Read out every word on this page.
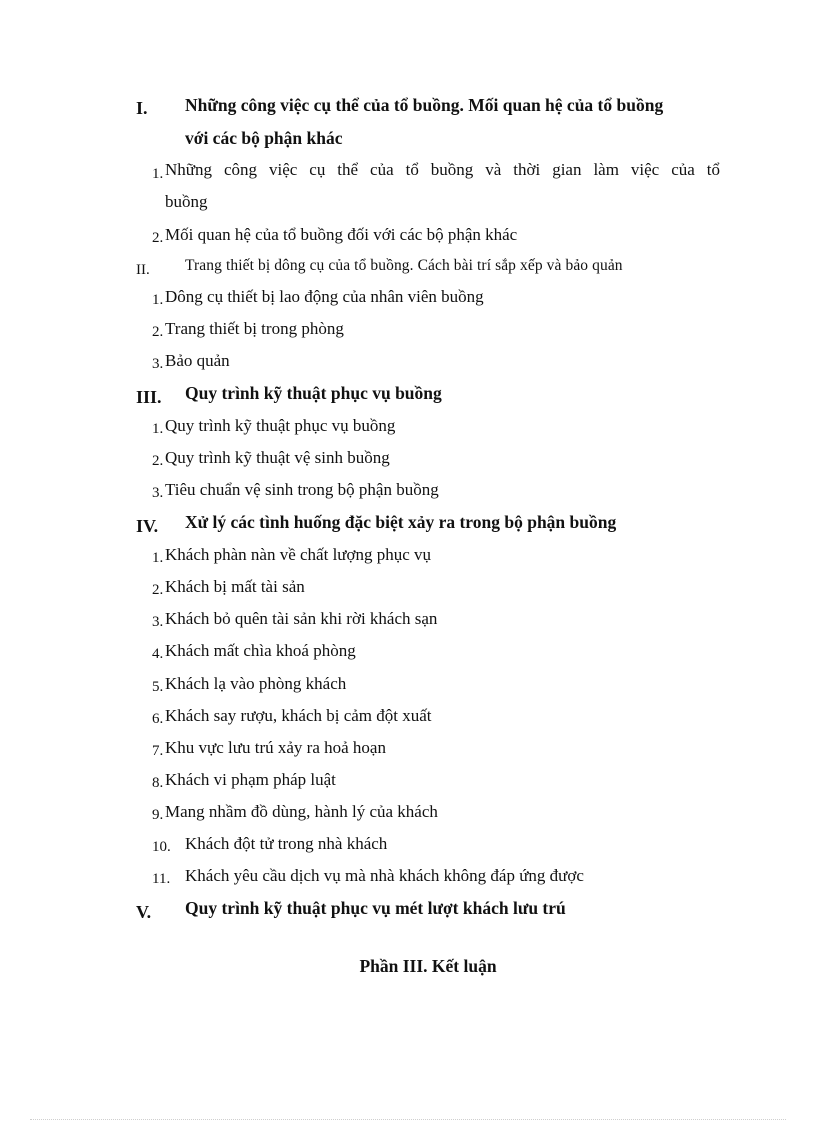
I. Những công việc cụ thể của tổ buồng. Mối quan hệ của tổ buồng
với các bộ phận khác
1. Những công việc cụ thể của tổ buồng và thời gian làm việc của tổ
buồng
2. Mối quan hệ của tổ buồng đối với các bộ phận khác
II. Trang thiết bị dông cụ của tổ buồng. Cách bài trí sắp xếp và bảo quản
1. Dông cụ thiết bị lao động của nhân viên buồng
2. Trang thiết bị trong phòng
3. Bảo quản
III. Quy trình kỹ thuật phục vụ buồng
1. Quy trình kỹ thuật phục vụ buồng
2. Quy trình kỹ thuật vệ sinh buồng
3. Tiêu chuẩn vệ sinh trong bộ phận buồng
IV. Xử lý các tình huống đặc biệt xảy ra trong bộ phận buồng
1. Khách phàn nàn về chất lượng phục vụ
2. Khách bị mất tài sản
3. Khách bỏ quên tài sản khi rời khách sạn
4. Khách mất chìa khoá phòng
5. Khách lạ vào phòng khách
6. Khách say rượu, khách bị cảm đột xuất
7. Khu vực lưu trú xảy ra hoả hoạn
8. Khách vi phạm pháp luật
9. Mang nhầm đồ dùng, hành lý của khách
10. Khách đột tử trong nhà khách
11. Khách yêu cầu dịch vụ mà nhà khách không đáp ứng được
V. Quy trình kỹ thuật phục vụ mét lượt khách lưu trú
Phần III. Kết luận
